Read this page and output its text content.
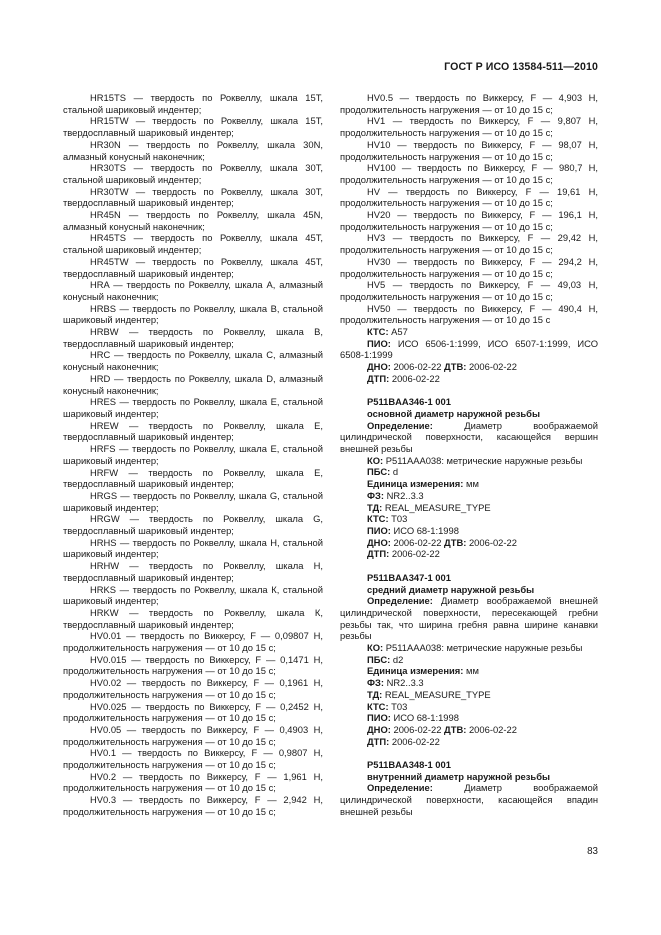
ГОСТ Р ИСО 13584-511—2010

HR15TS — твердость по Роквеллу, шкала 15T, стальной шариковый индентер;

HR15TW — твердость по Роквеллу, шкала 15T, твердосплавный шариковый индентер;

HR30N — твердость по Роквеллу, шкала 30N, алмазный конусный наконечник;

HR30TS — твердость по Роквеллу, шкала 30T, стальной шариковый индентер;

HR30TW — твердость по Роквеллу, шкала 30T, твердосплавный шариковый индентер;

HR45N — твердость по Роквеллу, шкала 45N, алмазный конусный наконечник;

HR45TS — твердость по Роквеллу, шкала 45T, стальной шариковый индентер;

HR45TW — твердость по Роквеллу, шкала 45T, твердосплавный шариковый индентер;

HRA — твердость по Роквеллу, шкала А, алмазный конусный наконечник;

HRBS — твердость по Роквеллу, шкала В, стальной шариковый индентер;

HRBW — твердость по Роквеллу, шкала В, твердосплавный шариковый индентер;

HRC — твердость по Роквеллу, шкала С, алмазный конусный наконечник;

HRD — твердость по Роквеллу, шкала D, алмазный конусный наконечник;

HRES — твердость по Роквеллу, шкала Е, стальной шариковый индентер;

HREW — твердость по Роквеллу, шкала Е, твердосплавный шариковый индентер;

HRFS — твердость по Роквеллу, шкала Е, стальной шариковый индентер;

HRFW — твердость по Роквеллу, шкала Е, твердосплавный шариковый индентер;

HRGS — твердость по Роквеллу, шкала G, стальной шариковый индентер;

HRGW — твердость по Роквеллу, шкала G, твердосплавный шариковый индентер;

HRHS — твердость по Роквеллу, шкала Н, стальной шариковый индентер;

HRHW — твердость по Роквеллу, шкала Н, твердосплавный шариковый индентер;

HRKS — твердость по Роквеллу, шкала К, стальной шариковый индентер;

HRKW — твердость по Роквеллу, шкала К, твердосплавный шариковый индентер;

HV0.01 — твердость по Виккерсу, F — 0,09807 Н, продолжительность нагружения — от 10 до 15 с;

HV0.015 — твердость по Виккерсу, F — 0,1471 Н, продолжительность нагружения — от 10 до 15 с;

HV0.02 — твердость по Виккерсу, F — 0,1961 Н, продолжительность нагружения — от 10 до 15 с;

HV0.025 — твердость по Виккерсу, F — 0,2452 Н, продолжительность нагружения — от 10 до 15 с;

HV0.05 — твердость по Виккерсу, F — 0,4903 Н, продолжительность нагружения — от 10 до 15 с;

HV0.1 — твердость по Виккерсу, F — 0,9807 Н, продолжительность нагружения — от 10 до 15 с;

HV0.2 — твердость по Виккерсу, F — 1,961 Н, продолжительность нагружения — от 10 до 15 с;

HV0.3 — твердость по Виккерсу, F — 2,942 Н, продолжительность нагружения — от 10 до 15 с;

HV0.5 — твердость по Виккерсу, F — 4,903 Н, продолжительность нагружения — от 10 до 15 с;

HV1 — твердость по Виккерсу, F — 9,807 Н, продолжительность нагружения — от 10 до 15 с;

HV10 — твердость по Виккерсу, F — 98,07 Н, продолжительность нагружения — от 10 до 15 с;

HV100 — твердость по Виккерсу, F — 980,7 Н, продолжительность нагружения — от 10 до 15 с;

HV — твердость по Виккерсу, F — 19,61 Н, продолжительность нагружения — от 10 до 15 с;

HV20 — твердость по Виккерсу, F — 196,1 Н, продолжительность нагружения — от 10 до 15 с;

HV3 — твердость по Виккерсу, F — 29,42 Н, продолжительность нагружения — от 10 до 15 с;

HV30 — твердость по Виккерсу, F — 294,2 Н, продолжительность нагружения — от 10 до 15 с;

HV5 — твердость по Виккерсу, F — 49,03 Н, продолжительность нагружения — от 10 до 15 с;

HV50 — твердость по Виккерсу, F — 490,4 Н, продолжительность нагружения — от 10 до 15 с

КТС: А57

ПИО: ИСО 6506-1:1999, ИСО 6507-1:1999, ИСО 6508-1:1999

ДНО: 2006-02-22 ДТВ: 2006-02-22

ДТП: 2006-02-22

P511BAA346-1 001

основной диаметр наружной резьбы

Определение: Диаметр воображаемой цилиндрической поверхности, касающейся вершин внешней резьбы

КО: P511AAA038: метрические наружные резьбы

ПБС: d

Единица измерения: мм

ФЗ: NR2..3.3

ТД: REAL_MEASURE_TYPE

КТС: Т03

ПИО: ИСО 68-1:1998

ДНО: 2006-02-22 ДТВ: 2006-02-22

ДТП: 2006-02-22

P511BAA347-1 001

средний диаметр наружной резьбы

Определение: Диаметр воображаемой внешней цилиндрической поверхности, пересекающей гребни резьбы так, что ширина гребня равна ширине канавки резьбы

КО: P511AAA038: метрические наружные резьбы

ПБС: d2

Единица измерения: мм

ФЗ: NR2..3.3

ТД: REAL_MEASURE_TYPE

КТС: Т03

ПИО: ИСО 68-1:1998

ДНО: 2006-02-22 ДТВ: 2006-02-22

ДТП: 2006-02-22

P511BAA348-1 001

внутренний диаметр наружной резьбы

Определение: Диаметр воображаемой цилиндрической поверхности, касающейся впадин внешней резьбы

83
